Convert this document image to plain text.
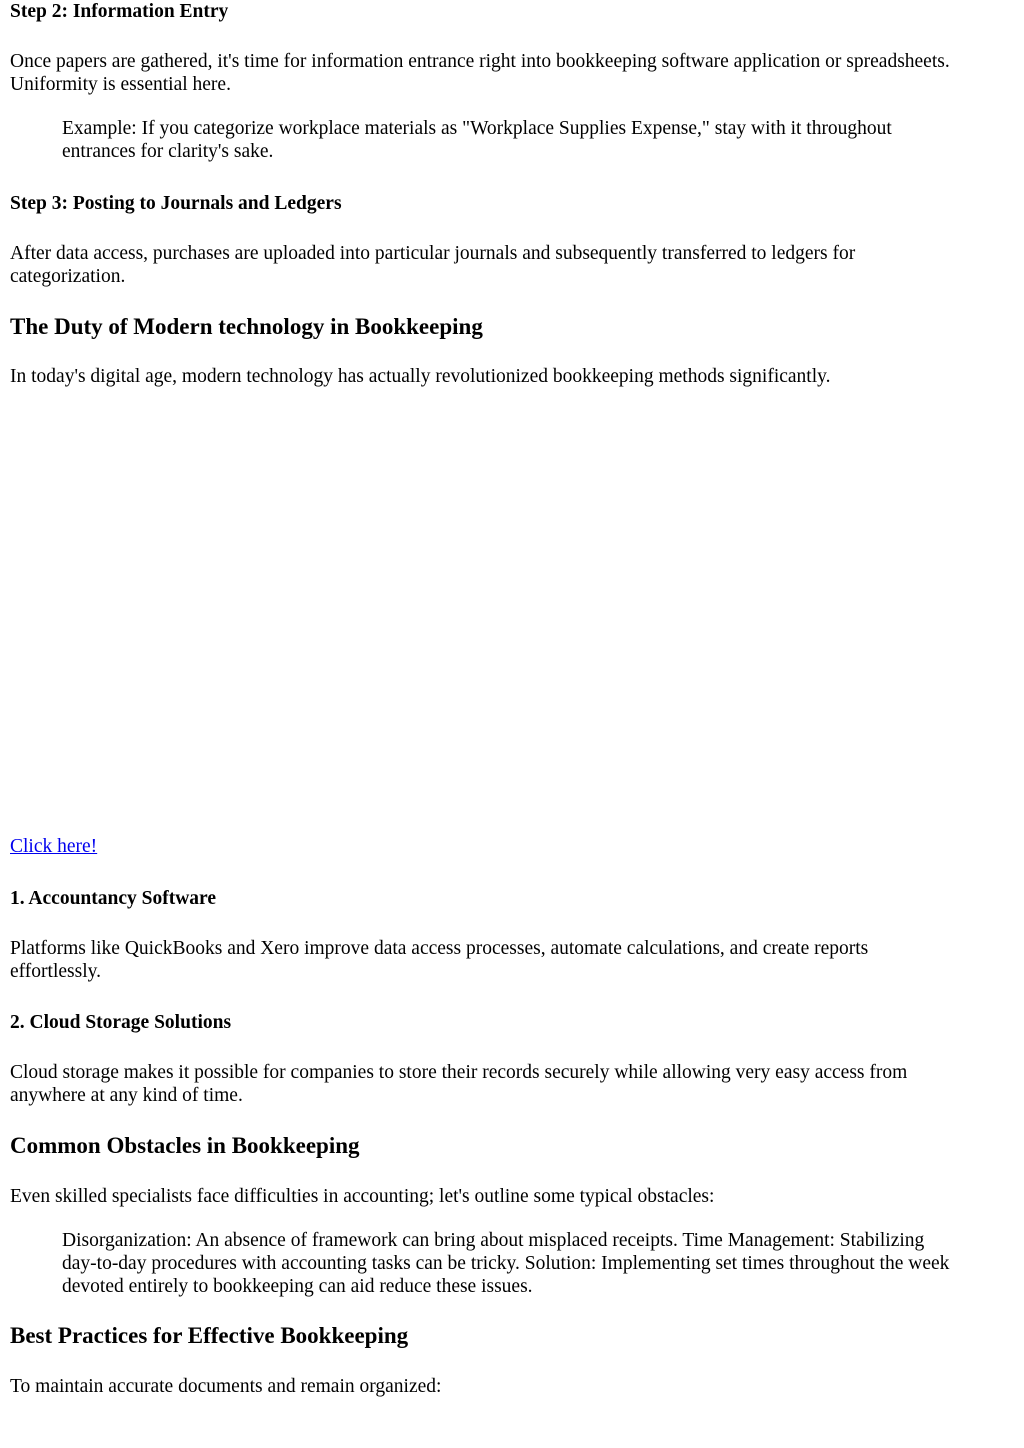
Step 2: Information Entry
Once papers are gathered, it's time for information entrance right into bookkeeping software application or spreadsheets.
Uniformity is essential here.
Example: If you categorize workplace materials as "Workplace Supplies Expense," stay with it throughout
entrances for clarity's sake.
Step 3: Posting to Journals and Ledgers
After data access, purchases are uploaded into particular journals and subsequently transferred to ledgers for
categorization.
The Duty of Modern technology in Bookkeeping
In today's digital age, modern technology has actually revolutionized bookkeeping methods significantly.
Click here!
1. Accountancy Software
Platforms like QuickBooks and Xero improve data access processes, automate calculations, and create reports
effortlessly.
2. Cloud Storage Solutions
Cloud storage makes it possible for companies to store their records securely while allowing very easy access from
anywhere at any kind of time.
Common Obstacles in Bookkeeping
Even skilled specialists face difficulties in accounting; let's outline some typical obstacles:
Disorganization: An absence of framework can bring about misplaced receipts. Time Management: Stabilizing
day-to-day procedures with accounting tasks can be tricky. Solution: Implementing set times throughout the week
devoted entirely to bookkeeping can aid reduce these issues.
Best Practices for Effective Bookkeeping
To maintain accurate documents and remain organized:
